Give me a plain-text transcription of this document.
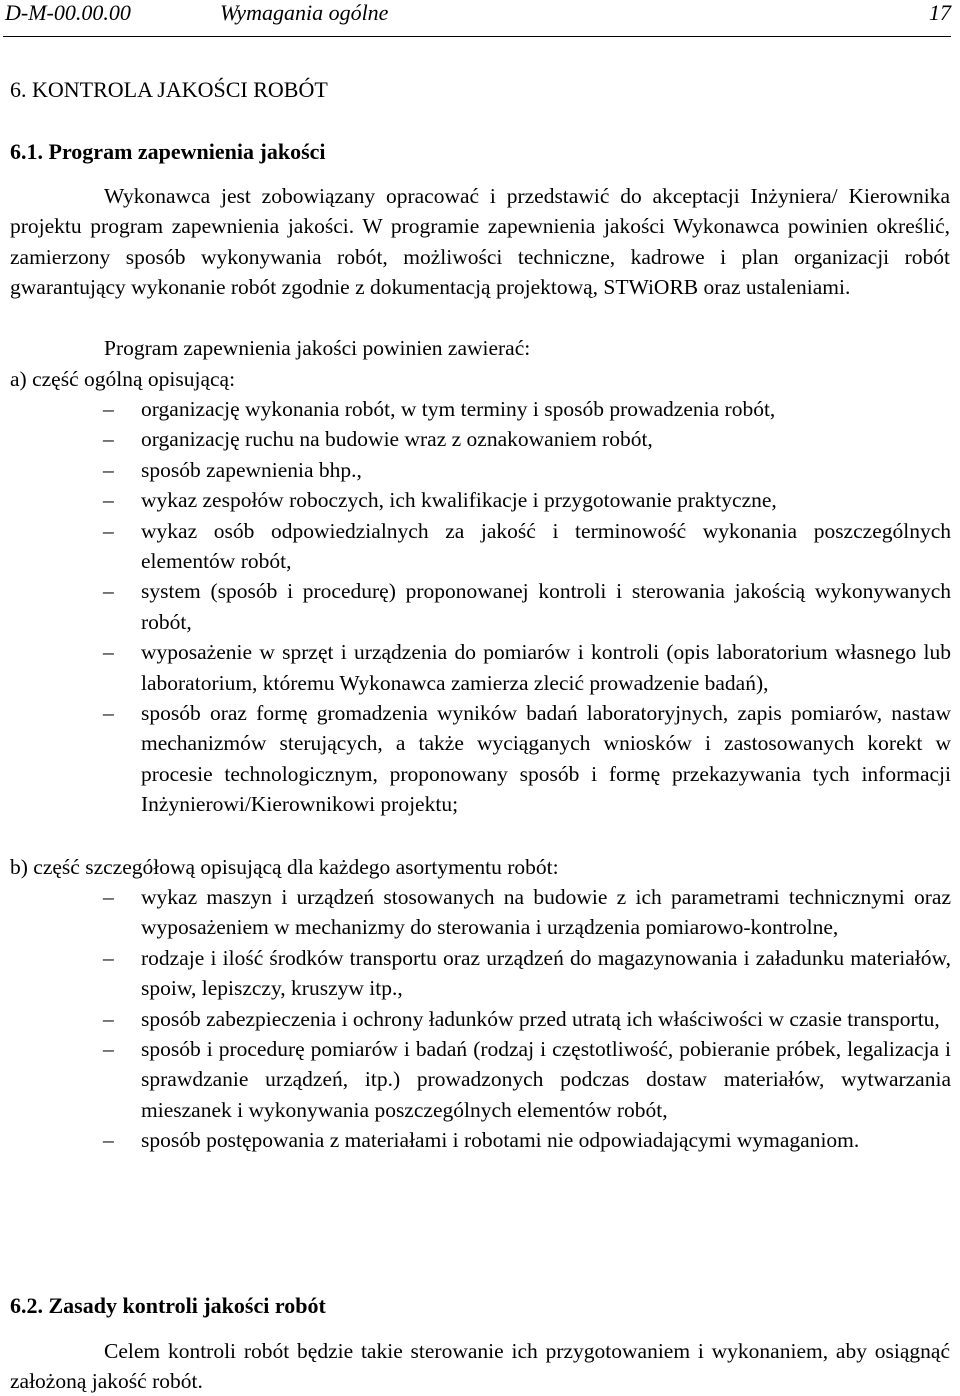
D-M-00.00.00	Wymagania ogólne	17
6. KONTROLA JAKOŚCI ROBÓT
6.1. Program zapewnienia jakości
Wykonawca jest zobowiązany opracować i przedstawić do akceptacji Inżyniera/ Kierownika projektu program zapewnienia jakości. W programie zapewnienia jakości Wykonawca powinien określić, zamierzony sposób wykonywania robót, możliwości techniczne, kadrowe i plan organizacji robót gwarantujący wykonanie robót zgodnie z dokumentacją projektową, STWiORB oraz ustaleniami.
Program zapewnienia jakości powinien zawierać:
a) część ogólną opisującą:
–	organizację wykonania robót, w tym terminy i sposób prowadzenia robót,
–	organizację ruchu na budowie wraz z oznakowaniem robót,
–	sposób zapewnienia bhp.,
–	wykaz zespołów roboczych, ich kwalifikacje i przygotowanie praktyczne,
–	wykaz osób odpowiedzialnych za jakość i terminowość wykonania poszczególnych elementów robót,
–	system (sposób i procedurę) proponowanej kontroli i sterowania jakością wykonywanych robót,
–	wyposażenie w sprzęt i urządzenia do pomiarów i kontroli (opis laboratorium własnego lub laboratorium, któremu Wykonawca zamierza zlecić prowadzenie badań),
–	sposób oraz formę gromadzenia wyników badań laboratoryjnych, zapis pomiarów, nastaw mechanizmów sterujących, a także wyciąganych wniosków i zastosowanych korekt w procesie technologicznym, proponowany sposób i formę przekazywania tych informacji Inżynierowi/Kierownikowi projektu;
b) część szczegółową opisującą dla każdego asortymentu robót:
–	wykaz maszyn i urządzeń stosowanych na budowie z ich parametrami technicznymi oraz wyposażeniem w mechanizmy do sterowania i urządzenia pomiarowo-kontrolne,
–	rodzaje i ilość środków transportu oraz urządzeń do magazynowania i załadunku materiałów, spoiw, lepiszczy, kruszyw itp.,
–	sposób zabezpieczenia i ochrony ładunków przed utratą ich właściwości w czasie transportu,
–	sposób i procedurę pomiarów i badań (rodzaj i częstotliwość, pobieranie próbek, legalizacja i sprawdzanie urządzeń, itp.) prowadzonych podczas dostaw materiałów, wytwarzania mieszanek i wykonywania poszczególnych elementów robót,
–	sposób postępowania z materiałami i robotami nie odpowiadającymi wymaganiom.
6.2. Zasady kontroli jakości robót
Celem kontroli robót będzie takie sterowanie ich przygotowaniem i wykonaniem, aby osiągnąć założoną jakość robót.
